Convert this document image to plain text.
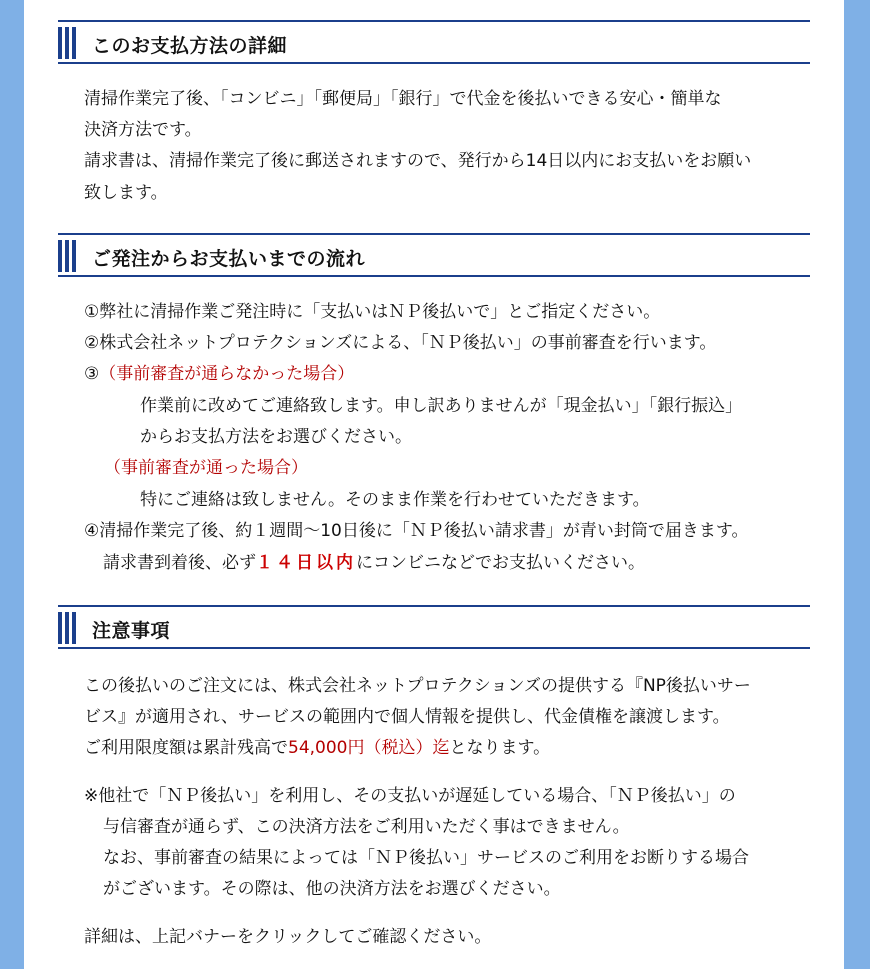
このお支払方法の詳細
清掃作業完了後、「コンビニ」「郵便局」「銀行」で代金を後払いできる安心・簡単な
決済方法です。
請求書は、清掃作業完了後に郵送されますので、発行から14日以内にお支払いをお願い
致します。
ご発注からお支払いまでの流れ
①弊社に清掃作業ご発注時に「支払いはＮＰ後払いで」とご指定ください。
②株式会社ネットプロテクションズによる、「ＮＰ後払い」の事前審査を行います。
③（事前審査が通らなかった場合）
作業前に改めてご連絡致します。申し訳ありませんが「現金払い」「銀行振込」
からお支払方法をお選びください。
（事前審査が通った場合）
特にご連絡は致しません。そのまま作業を行わせていただきます。
④清掃作業完了後、約１週間〜10日後に「ＮＰ後払い請求書」が青い封筒で届きます。
請求書到着後、必ず１４日以内にコンビニなどでお支払いください。
注意事項
この後払いのご注文には、株式会社ネットプロテクションズの提供する『NP後払いサー
ビス』が適用され、サービスの範囲内で個人情報を提供し、代金債権を譲渡します。
ご利用限度額は累計残高で54,000円（税込）迄となります。
※他社で「ＮＰ後払い」を利用し、その支払いが遅延している場合、「ＮＰ後払い」の
与信審査が通らず、この決済方法をご利用いただく事はできません。
なお、事前審査の結果によっては「ＮＰ後払い」サービスのご利用をお断りする場合
がございます。その際は、他の決済方法をお選びください。
詳細は、上記バナーをクリックしてご確認ください。
